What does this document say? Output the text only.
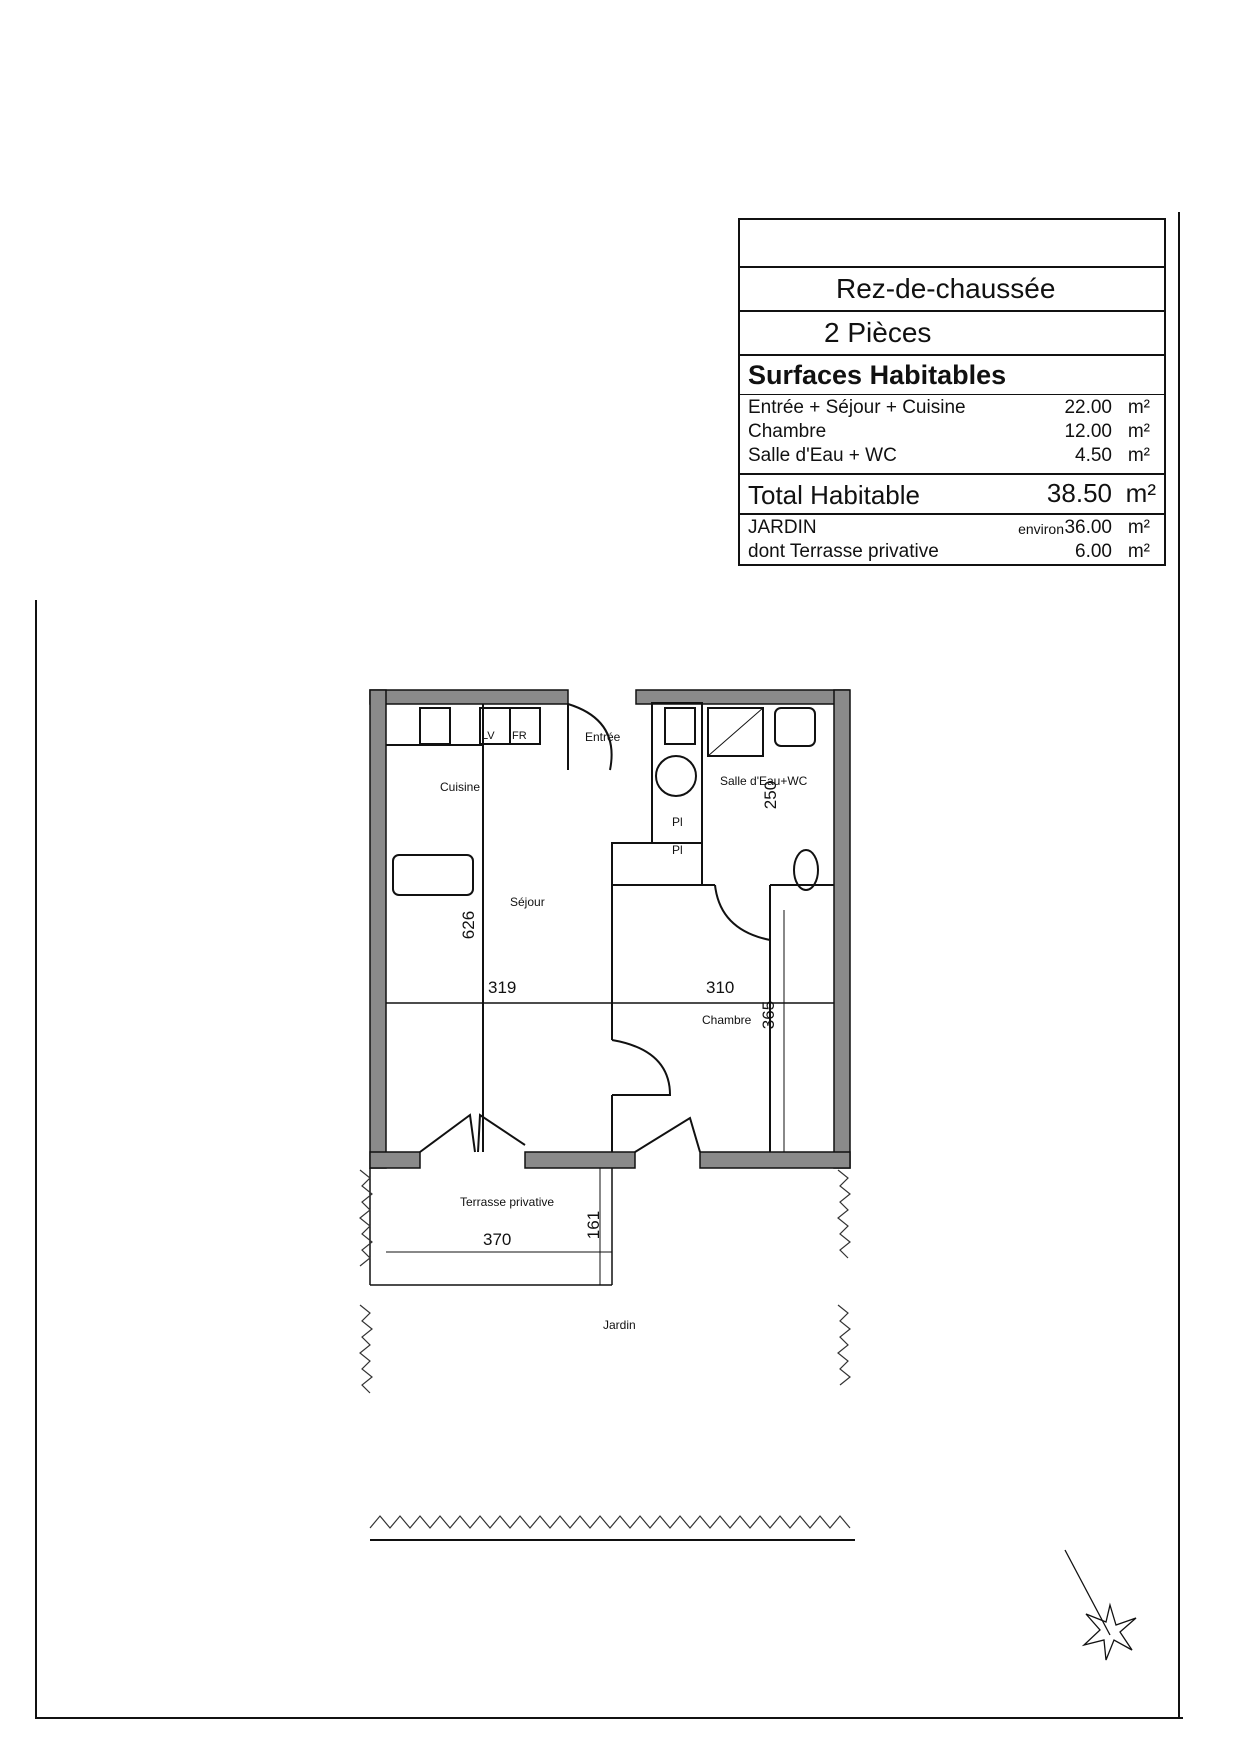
Rez-de-chaussée
2 Pièces
Surfaces Habitables
Entrée + Séjour + Cuisine	22.00 m²
Chambre	12.00 m²
Salle d'Eau + WC	4.50 m²
Total Habitable	38.50 m²
JARDIN	environ 36.00 m²
dont Terrasse privative	6.00 m²
Entrée
Cuisine
Séjour
Salle d'Eau+WC
Chambre
Terrasse privative
Jardin
Pl
Pl
LV FR
626
319	310
365
250
370
161
